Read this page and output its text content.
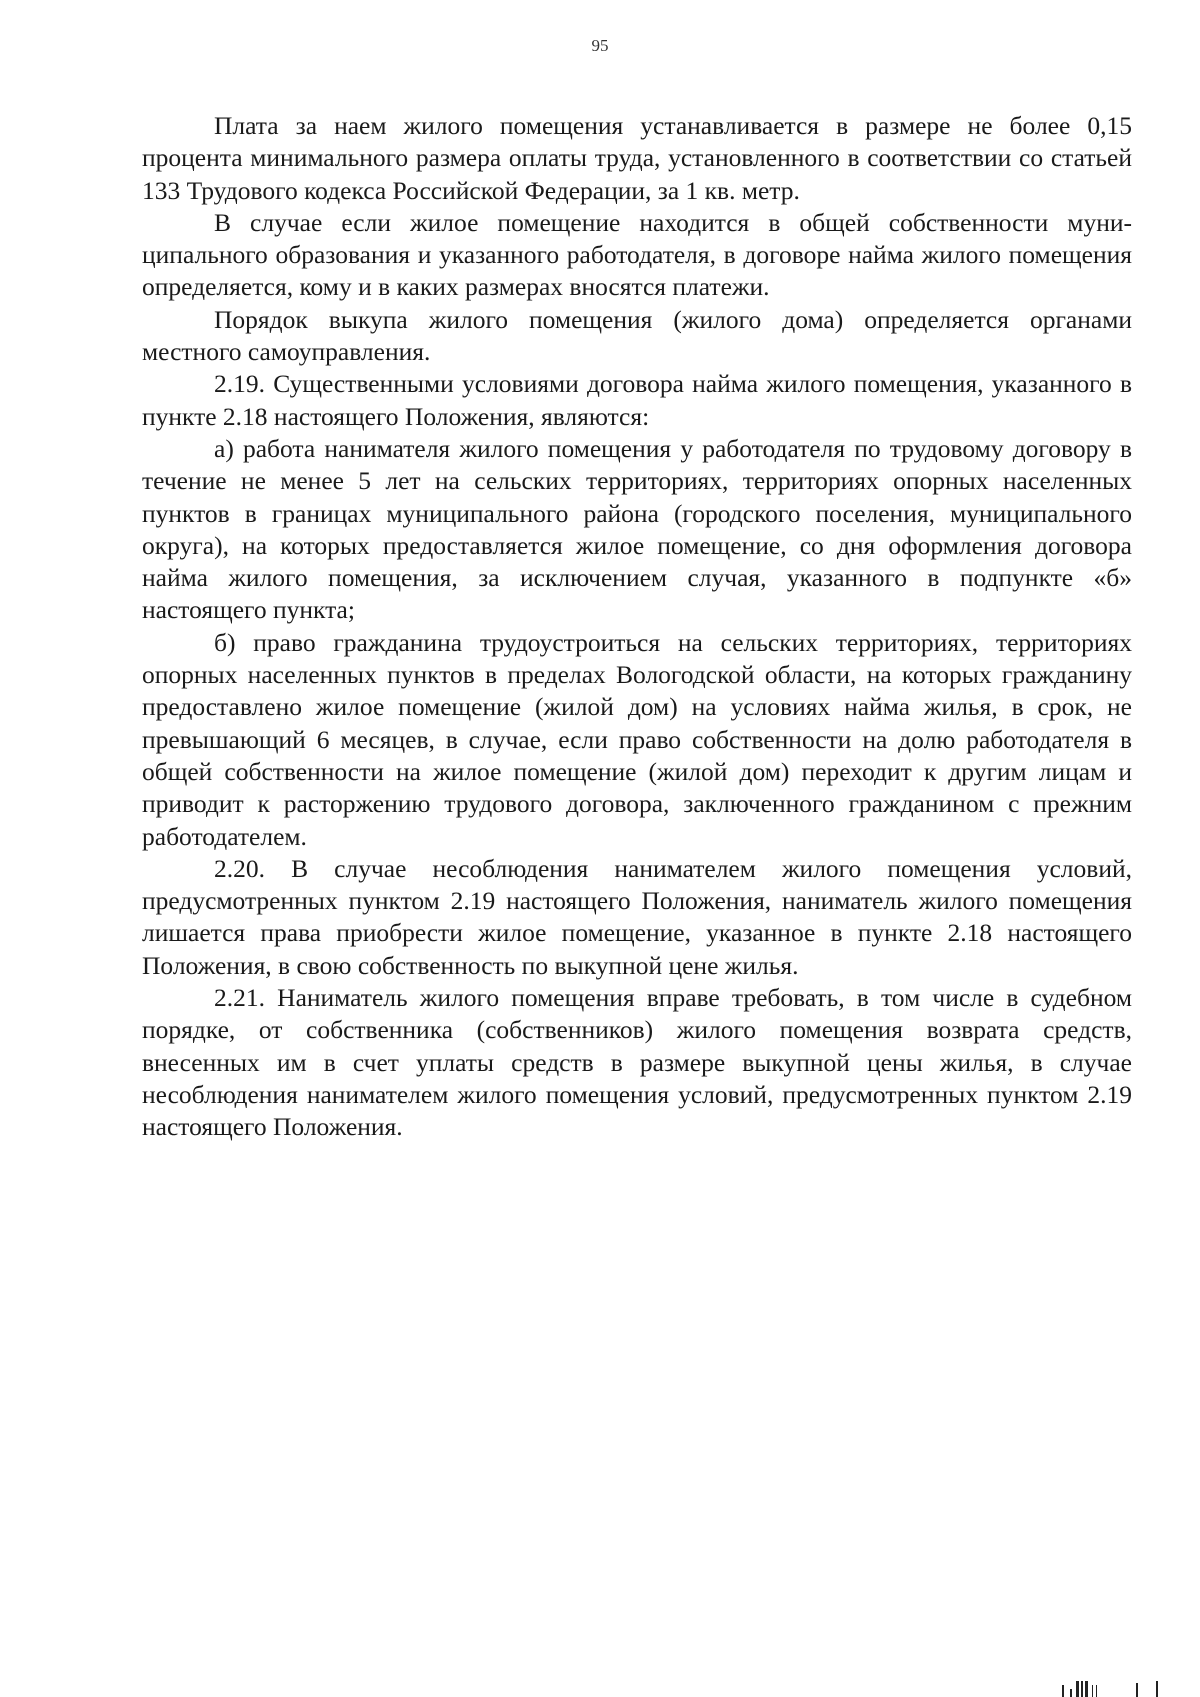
95

Плата за наем жилого помещения устанавливается в размере не более 0,15 процента минимального размера оплаты труда, установленного в соответствии со статьей 133 Трудового кодекса Российской Федерации, за 1 кв. метр.

В случае если жилое помещение находится в общей собственности муниципального образования и указанного работодателя, в договоре найма жилого помещения определяется, кому и в каких размерах вносятся платежи.

Порядок выкупа жилого помещения (жилого дома) определяется органами местного самоуправления.

2.19. Существенными условиями договора найма жилого помещения, указанного в пункте 2.18 настоящего Положения, являются:

а) работа нанимателя жилого помещения у работодателя по трудовому договору в течение не менее 5 лет на сельских территориях, территориях опорных населенных пунктов в границах муниципального района (городского поселения, муниципального округа), на которых предоставляется жилое помещение, со дня оформления договора найма жилого помещения, за исключением случая, указанного в подпункте «б» настоящего пункта;

б) право гражданина трудоустроиться на сельских территориях, территориях опорных населенных пунктов в пределах Вологодской области, на которых гражданину предоставлено жилое помещение (жилой дом) на условиях найма жилья, в срок, не превышающий 6 месяцев, в случае, если право собственности на долю работодателя в общей собственности на жилое помещение (жилой дом) переходит к другим лицам и приводит к расторжению трудового договора, заключенного гражданином с прежним работодателем.

2.20. В случае несоблюдения нанимателем жилого помещения условий, предусмотренных пунктом 2.19 настоящего Положения, наниматель жилого помещения лишается права приобрести жилое помещение, указанное в пункте 2.18 настоящего Положения, в свою собственность по выкупной цене жилья.

2.21. Наниматель жилого помещения вправе требовать, в том числе в судебном порядке, от собственника (собственников) жилого помещения возврата средств, внесенных им в счет уплаты средств в размере выкупной цены жилья, в случае несоблюдения нанимателем жилого помещения условий, предусмотренных пунктом 2.19 настоящего Положения.
